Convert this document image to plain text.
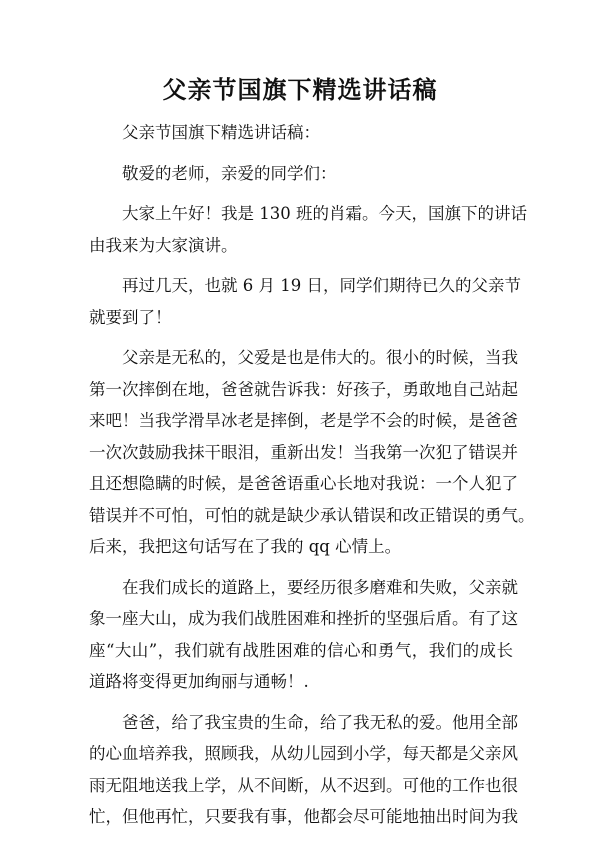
父亲节国旗下精选讲话稿
父亲节国旗下精选讲话稿：
敬爱的老师，亲爱的同学们：
大家上午好！我是 130 班的肖霜。今天，国旗下的讲话
由我来为大家演讲。
再过几天，也就 6 月 19 日，同学们期待已久的父亲节
就要到了！
父亲是无私的，父爱是也是伟大的。很小的时候，当我
第一次摔倒在地，爸爸就告诉我：好孩子，勇敢地自己站起
来吧！当我学滑旱冰老是摔倒，老是学不会的时候，是爸爸
一次次鼓励我抹干眼泪，重新出发！当我第一次犯了错误并
且还想隐瞒的时候，是爸爸语重心长地对我说：一个人犯了
错误并不可怕，可怕的就是缺少承认错误和改正错误的勇气。
后来，我把这句话写在了我的 qq 心情上。
在我们成长的道路上，要经历很多磨难和失败，父亲就
象一座大山，成为我们战胜困难和挫折的坚强后盾。有了这
座“大山”，我们就有战胜困难的信心和勇气，我们的成长
道路将变得更加绚丽与通畅！.
爸爸，给了我宝贵的生命，给了我无私的爱。他用全部
的心血培养我，照顾我，从幼儿园到小学，每天都是父亲风
雨无阻地送我上学，从不间断，从不迟到。可他的工作也很
忙，但他再忙，只要我有事，他都会尽可能地抽出时间为我
